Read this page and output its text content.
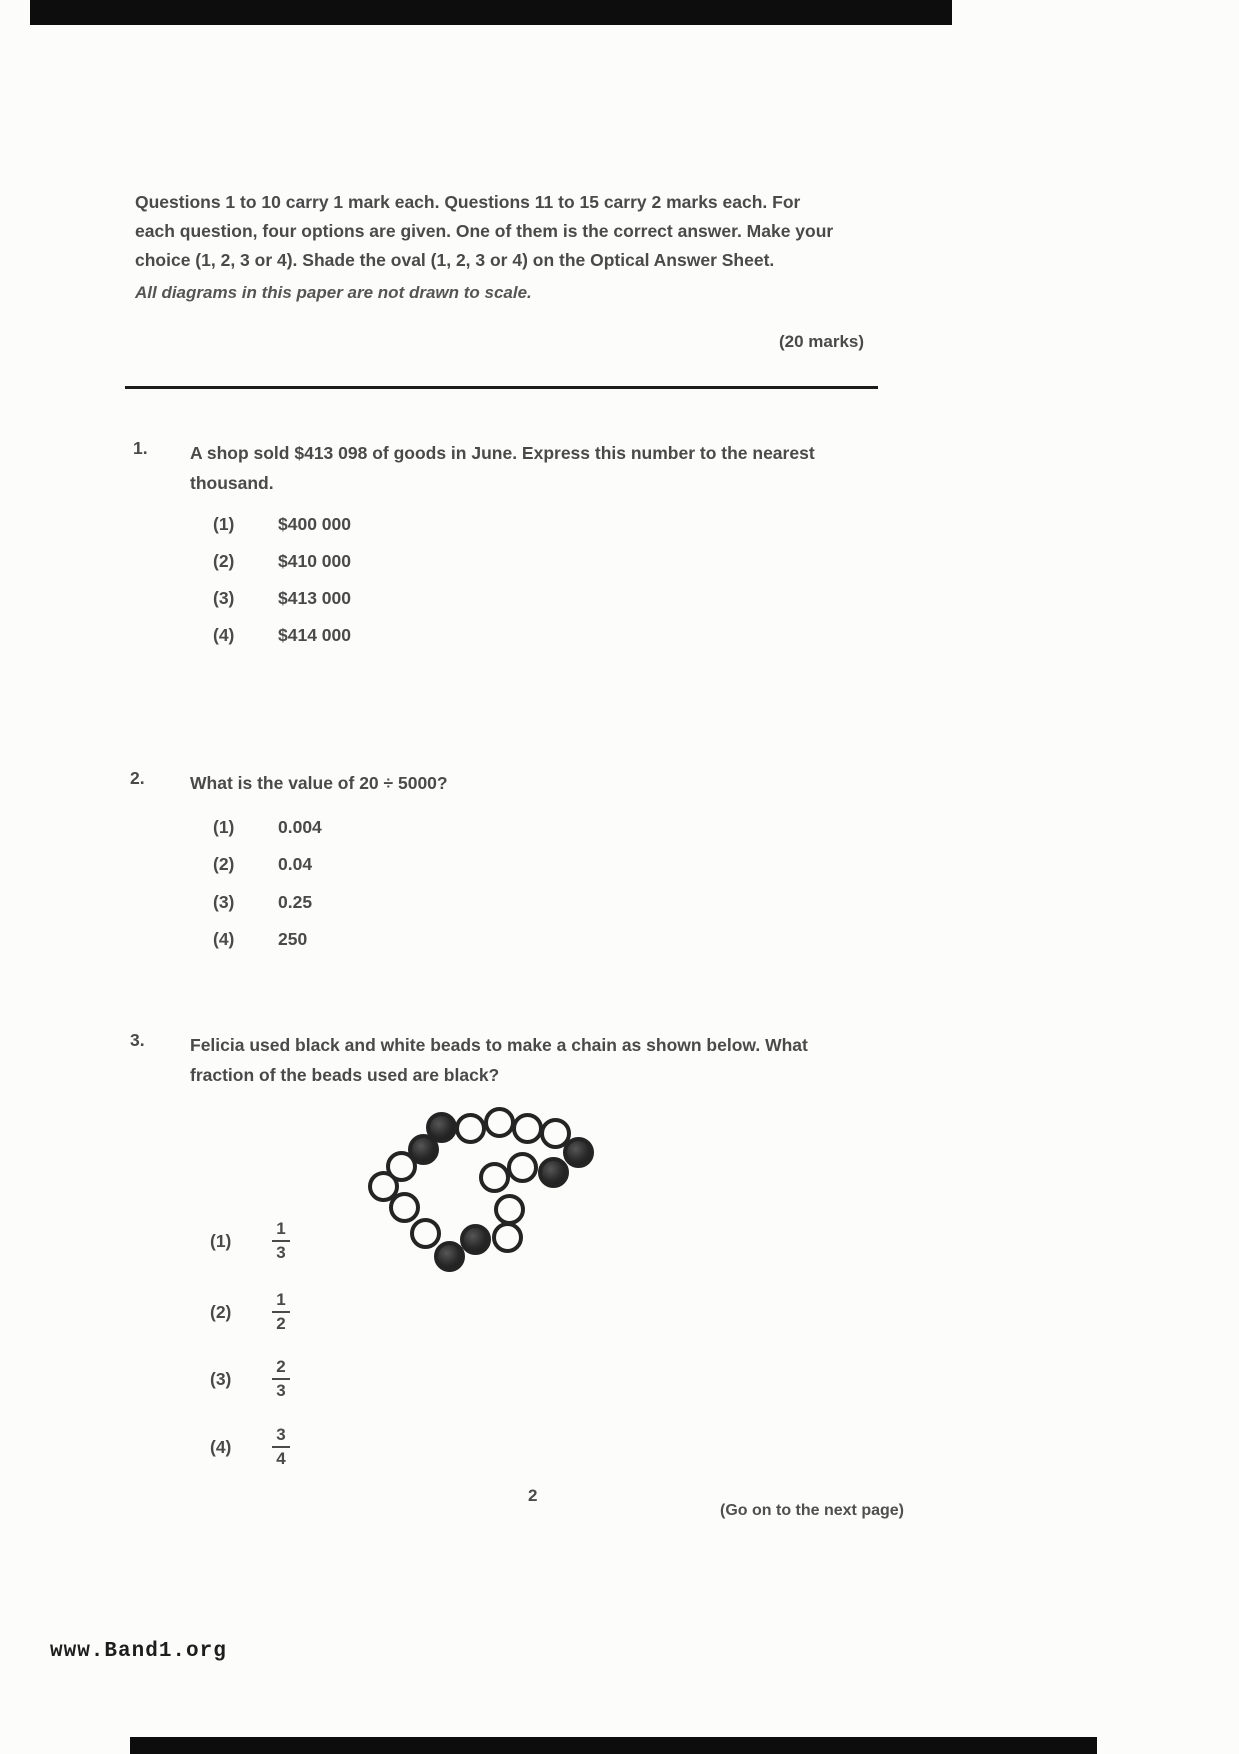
Questions 1 to 10 carry 1 mark each. Questions 11 to 15 carry 2 marks each. For
each question, four options are given. One of them is the correct answer. Make your
choice (1, 2, 3 or 4). Shade the oval (1, 2, 3 or 4) on the Optical Answer Sheet.
All diagrams in this paper are not drawn to scale.
(20 marks)
1. A shop sold $413 098 of goods in June. Express this number to the nearest
thousand.
(1) $400 000
(2) $410 000
(3) $413 000
(4) $414 000
2.	What is the value of 20 ÷ 5000?
(1) 0.004
(2) 0.04
(3) 0.25
(4) 250
3.	Felicia used black and white beads to make a chain as shown below. What
fraction of the beads used are black?
(1)	$\frac{1}{3}$
(2)	$\frac{1}{2}$
(3)	$\frac{2}{3}$
(4)	$\frac{3}{4}$
2
(Go on to the next page)
www.Band1.org
